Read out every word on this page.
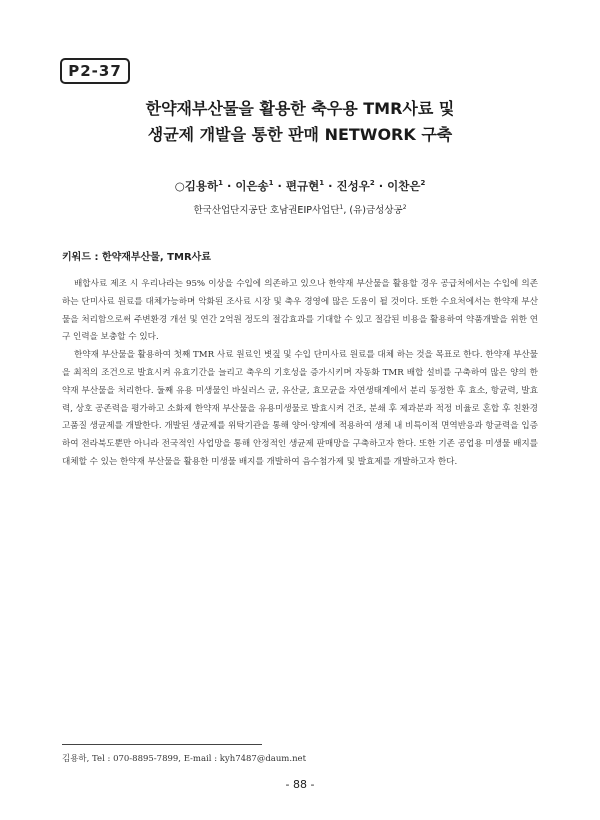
P2-37
한약재부산물을 활용한 축우용 TMR사료 및
생균제 개발을 통한 판매 NETWORK 구축
○김용하$^1$ · 이은송$^1$ · 편규현$^1$ · 진성우$^2$ · 이찬은$^2$
한국산업단지공단 호남권EIP사업단$^1$, (유)금성상공$^2$
키워드 : 한약재부산물, TMR사료

배합사료 제조 시 우리나라는 95% 이상을 수입에 의존하고 있으나 한약재 부산물을 활용할 경우 공급처에서는 수입에 의존하는 단미사료 원료를 대체가능하며 악화된 조사료 시장 및 축우 경영에 많은 도움이 될 것이다. 또한 수요처에서는 한약재 부산물을 처리함으로써 주변환경 개선 및 연간 2억원 정도의 절감효과를 기대할 수 있고 절감된 비용을 활용하여 약품개발을 위한 연구 인력을 보충할 수 있다.

한약재 부산물을 활용하여 첫째 TMR 사료 원료인 볏짚 및 수입 단미사료 원료를 대체 하는 것을 목표로 한다. 한약재 부산물을 최적의 조건으로 발효시켜 유효기간을 늘리고 축우의 기호성을 증가시키며 자동화 TMR 배합 설비를 구축하여 많은 양의 한약재 부산물을 처리한다. 둘째 유용 미생물인 바실러스 균, 유산균, 효모균을 자연생태계에서 분리 동정한 후 효소, 항균력, 발효력, 상호 공존력을 평가하고 소화제 한약재 부산물을 유용미생물로 발효시켜 건조, 분쇄 후 제과분과 적정 비율로 혼합 후 친환경 고품질 생균제를 개발한다. 개발된 생균제를 위탁기관을 통해 양어·양계에 적용하여 생체 내 비특이적 면역반응과 항균력을 입증하여 전라북도뿐만 아니라 전국적인 사업망을 통해 안정적인 생균제 판매망을 구축하고자 한다. 또한 기존 공업용 미생물 배지를 대체할 수 있는 한약재 부산물을 활용한 미생물 배지를 개발하여 음수첨가제 및 발효제를 개발하고자 한다.

김용하, Tel : 070-8895-7899, E-mail : kyh7487@daum.net
- 88 -
